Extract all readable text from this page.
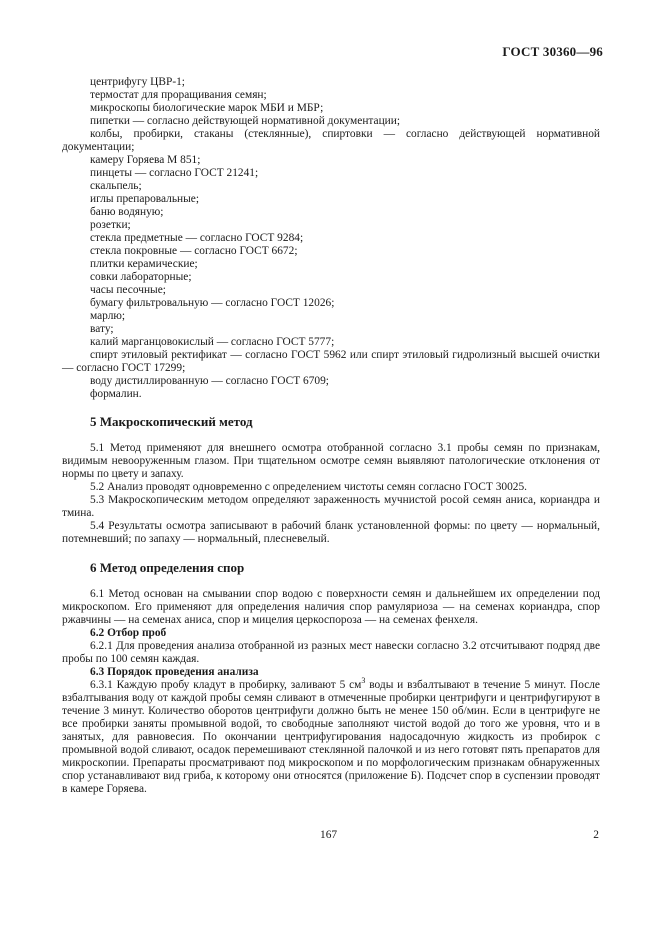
ГОСТ 30360—96

центрифугу ЦВР-1;

термостат для проращивания семян;

микроскопы биологические марок МБИ и МБР;

пипетки — согласно действующей нормативной документации;

колбы, пробирки, стаканы (стеклянные), спиртовки — согласно действующей нормативной документации;

камеру Горяева М 851;

пинцеты — согласно ГОСТ 21241;

скальпель;

иглы препаровальные;

баню водяную;

розетки;

стекла предметные — согласно ГОСТ 9284;

стекла покровные — согласно ГОСТ 6672;

плитки керамические;

совки лабораторные;

часы песочные;

бумагу фильтровальную — согласно ГОСТ 12026;

марлю;

вату;

калий марганцовокислый — согласно ГОСТ 5777;

спирт этиловый ректификат — согласно ГОСТ 5962 или спирт этиловый гидролизный высшей очистки — согласно ГОСТ 17299;

воду дистиллированную — согласно ГОСТ 6709;

формалин.

5 Макроскопический метод

5.1 Метод применяют для внешнего осмотра отобранной согласно 3.1 пробы семян по признакам, видимым невооруженным глазом. При тщательном осмотре семян выявляют патологические отклонения от нормы по цвету и запаху.

5.2 Анализ проводят одновременно с определением чистоты семян согласно ГОСТ 30025.

5.3 Макроскопическим методом определяют зараженность мучнистой росой семян аниса, кориандра и тмина.

5.4 Результаты осмотра записывают в рабочий бланк установленной формы: по цвету — нормальный, потемневший; по запаху — нормальный, плесневелый.

6 Метод определения спор

6.1 Метод основан на смывании спор водою с поверхности семян и дальнейшем их определении под микроскопом. Его применяют для определения наличия спор рамуляриоза — на семенах кориандра, спор ржавчины — на семенах аниса, спор и мицелия церкоспороза — на семенах фенхеля.

6.2 Отбор проб

6.2.1 Для проведения анализа отобранной из разных мест навески согласно 3.2 отсчитывают подряд две пробы по 100 семян каждая.

6.3 Порядок проведения анализа

6.3.1 Каждую пробу кладут в пробирку, заливают 5 $см^3$ воды и взбалтывают в течение 5 минут. После взбалтывания воду от каждой пробы семян сливают в отмеченные пробирки центрифуги и центрифугируют в течение 3 минут. Количество оборотов центрифуги должно быть не менее 150 об/мин. Если в центрифуге не все пробирки заняты промывной водой, то свободные заполняют чистой водой до того же уровня, что и в занятых, для равновесия. По окончании центрифугирования надосадочную жидкость из пробирок с промывной водой сливают, осадок перемешивают стеклянной палочкой и из него готовят пять препаратов для микроскопии. Препараты просматривают под микроскопом и по морфологическим признакам обнаруженных спор устанавливают вид гриба, к которому они относятся (приложение Б). Подсчет спор в суспензии проводят в камере Горяева.

167	2
